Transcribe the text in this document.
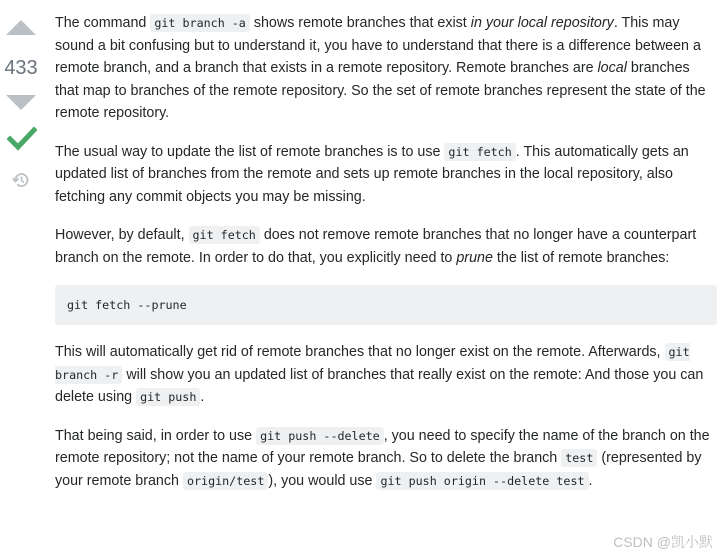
433

The command git branch -a shows remote branches that exist in your local repository. This may sound a bit confusing but to understand it, you have to understand that there is a difference between a remote branch, and a branch that exists in a remote repository. Remote branches are local branches that map to branches of the remote repository. So the set of remote branches represent the state of the remote repository.

The usual way to update the list of remote branches is to use git fetch . This automatically gets an updated list of branches from the remote and sets up remote branches in the local repository, also fetching any commit objects you may be missing.

However, by default, git fetch does not remove remote branches that no longer have a counterpart branch on the remote. In order to do that, you explicitly need to prune the list of remote branches:

git fetch --prune

This will automatically get rid of remote branches that no longer exist on the remote. Afterwards, git branch -r will show you an updated list of branches that really exist on the remote: And those you can delete using git push .

That being said, in order to use git push --delete , you need to specify the name of the branch on the remote repository; not the name of your remote branch. So to delete the branch test (represented by your remote branch origin/test ), you would use git push origin --delete test .

CSDN @凯小默
